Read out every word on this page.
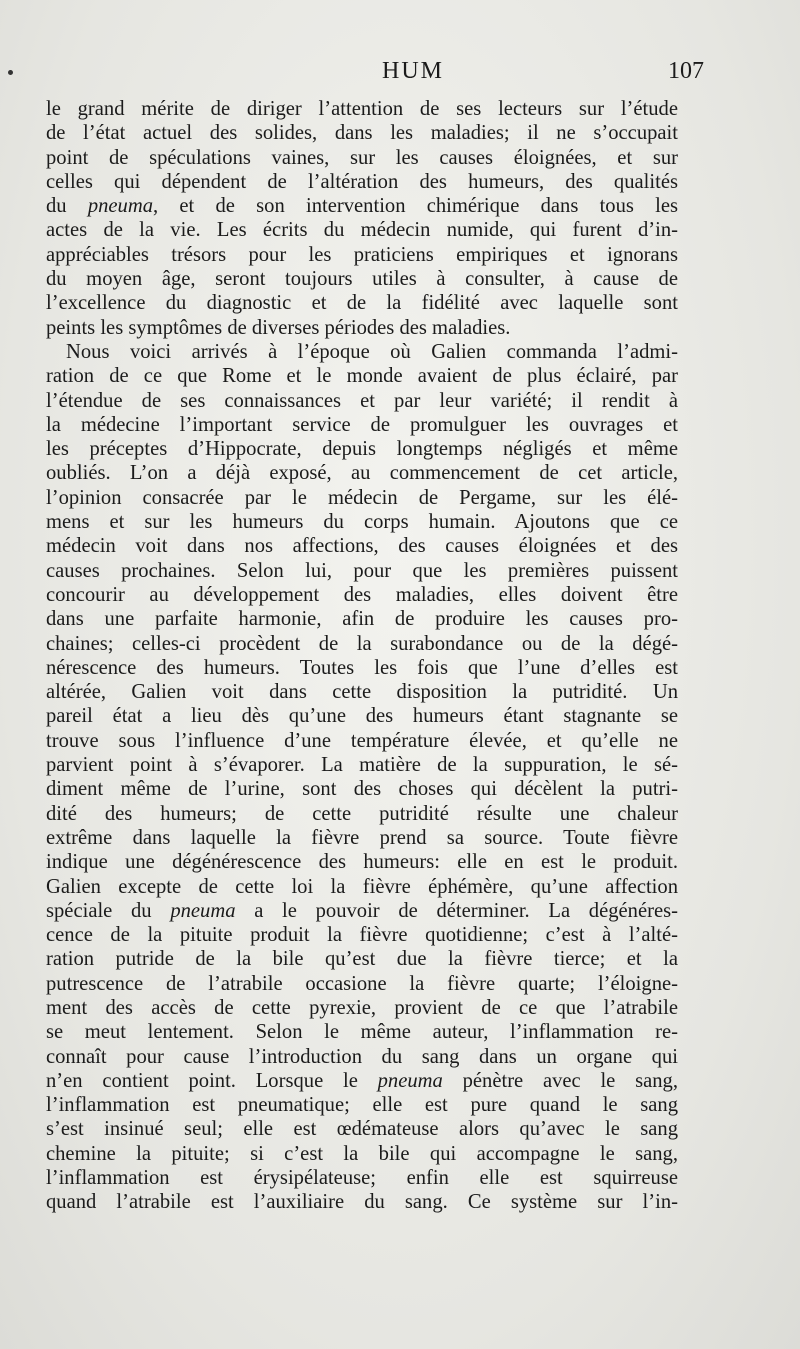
HUM	107
le grand mérite de diriger l’attention de ses lecteurs sur l’étude
de l’état actuel des solides, dans les maladies; il ne s’occupait
point de spéculations vaines, sur les causes éloignées, et sur
celles qui dépendent de l’altération des humeurs, des qualités
du pneuma, et de son intervention chimérique dans tous les
actes de la vie. Les écrits du médecin numide, qui furent d’in-
appréciables trésors pour les praticiens empiriques et ignorans
du moyen âge, seront toujours utiles à consulter, à cause de
l’excellence du diagnostic et de la fidélité avec laquelle sont
peints les symptômes de diverses périodes des maladies.
Nous voici arrivés à l’époque où Galien commanda l’admi-
ration de ce que Rome et le monde avaient de plus éclairé, par
l’étendue de ses connaissances et par leur variété; il rendit à
la médecine l’important service de promulguer les ouvrages et
les préceptes d’Hippocrate, depuis longtemps négligés et même
oubliés. L’on a déjà exposé, au commencement de cet article,
l’opinion consacrée par le médecin de Pergame, sur les élé-
mens et sur les humeurs du corps humain. Ajoutons que ce
médecin voit dans nos affections, des causes éloignées et des
causes prochaines. Selon lui, pour que les premières puissent
concourir au développement des maladies, elles doivent être
dans une parfaite harmonie, afin de produire les causes pro-
chaines; celles-ci procèdent de la surabondance ou de la dégé-
nérescence des humeurs. Toutes les fois que l’une d’elles est
altérée, Galien voit dans cette disposition la putridité. Un
pareil état a lieu dès qu’une des humeurs étant stagnante se
trouve sous l’influence d’une température élevée, et qu’elle ne
parvient point à s’évaporer. La matière de la suppuration, le sé-
diment même de l’urine, sont des choses qui décèlent la putri-
dité des humeurs; de cette putridité résulte une chaleur
extrême dans laquelle la fièvre prend sa source. Toute fièvre
indique une dégénérescence des humeurs: elle en est le produit.
Galien excepte de cette loi la fièvre éphémère, qu’une affection
spéciale du pneuma a le pouvoir de déterminer. La dégénéres-
cence de la pituite produit la fièvre quotidienne; c’est à l’alté-
ration putride de la bile qu’est due la fièvre tierce; et la
putrescence de l’atrabile occasione la fièvre quarte; l’éloigne-
ment des accès de cette pyrexie, provient de ce que l’atrabile
se meut lentement. Selon le même auteur, l’inflammation re-
connaît pour cause l’introduction du sang dans un organe qui
n’en contient point. Lorsque le pneuma pénètre avec le sang,
l’inflammation est pneumatique; elle est pure quand le sang
s’est insinué seul; elle est œdémateuse alors qu’avec le sang
chemine la pituite; si c’est la bile qui accompagne le sang,
l’inflammation est érysipélateuse; enfin elle est squirreuse
quand l’atrabile est l’auxiliaire du sang. Ce système sur l’in-
